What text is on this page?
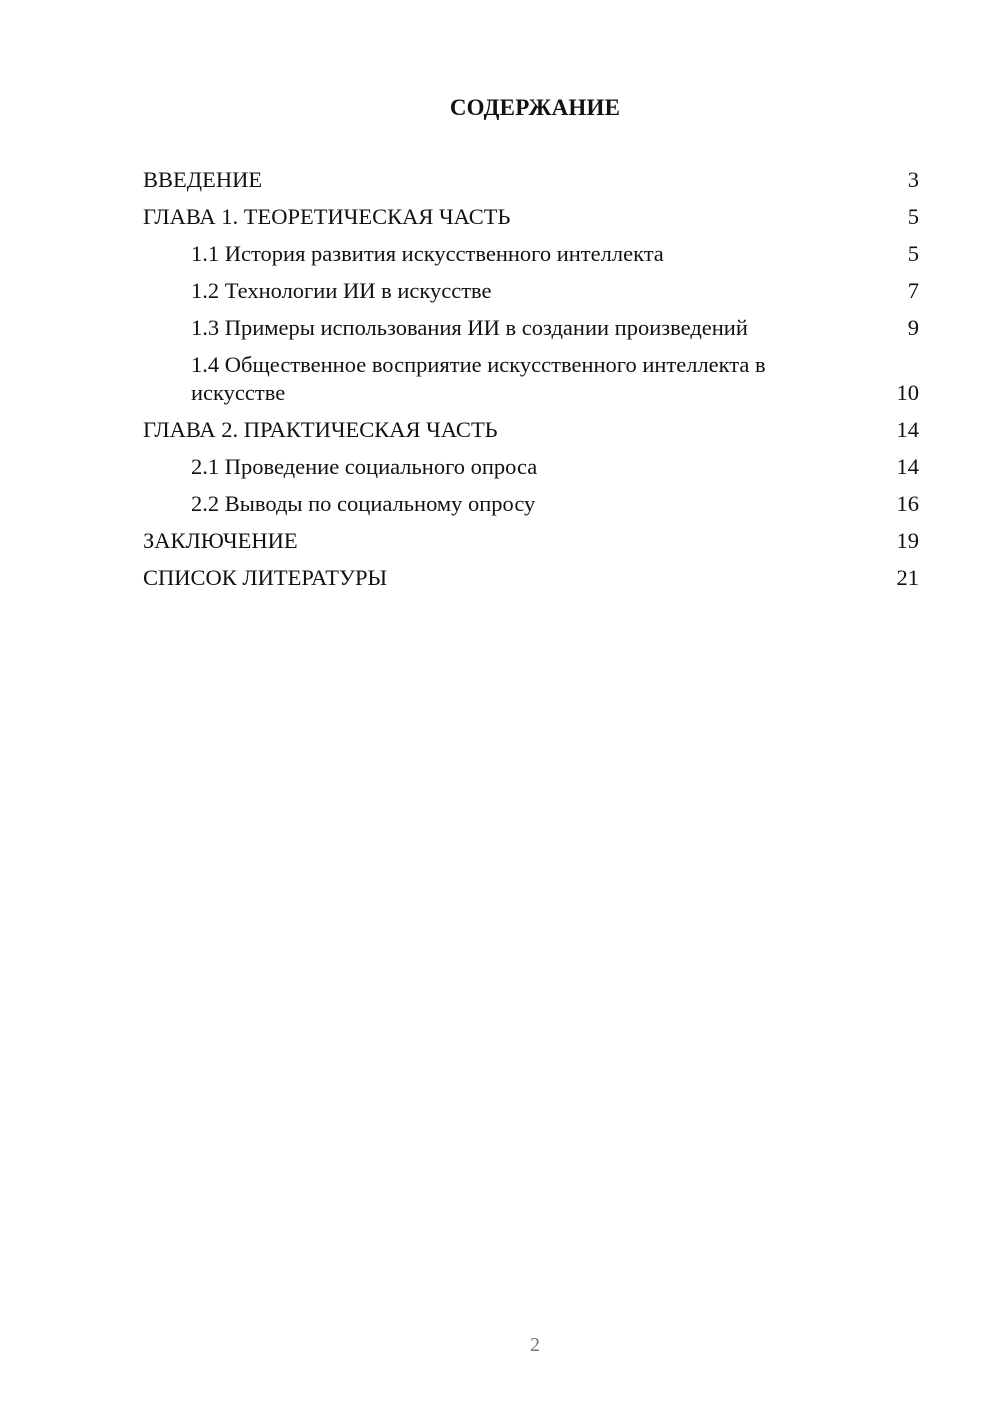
СОДЕРЖАНИЕ
ВВЕДЕНИЕ	3
ГЛАВА 1. ТЕОРЕТИЧЕСКАЯ ЧАСТЬ	5
1.1 История развития искусственного интеллекта	5
1.2 Технологии ИИ в искусстве	7
1.3 Примеры использования ИИ в создании произведений	9
1.4 Общественное восприятие искусственного интеллекта в искусстве	10
ГЛАВА 2. ПРАКТИЧЕСКАЯ ЧАСТЬ	14
2.1 Проведение социального опроса	14
2.2 Выводы по социальному опросу	16
ЗАКЛЮЧЕНИЕ	19
СПИСОК ЛИТЕРАТУРЫ	21
2
